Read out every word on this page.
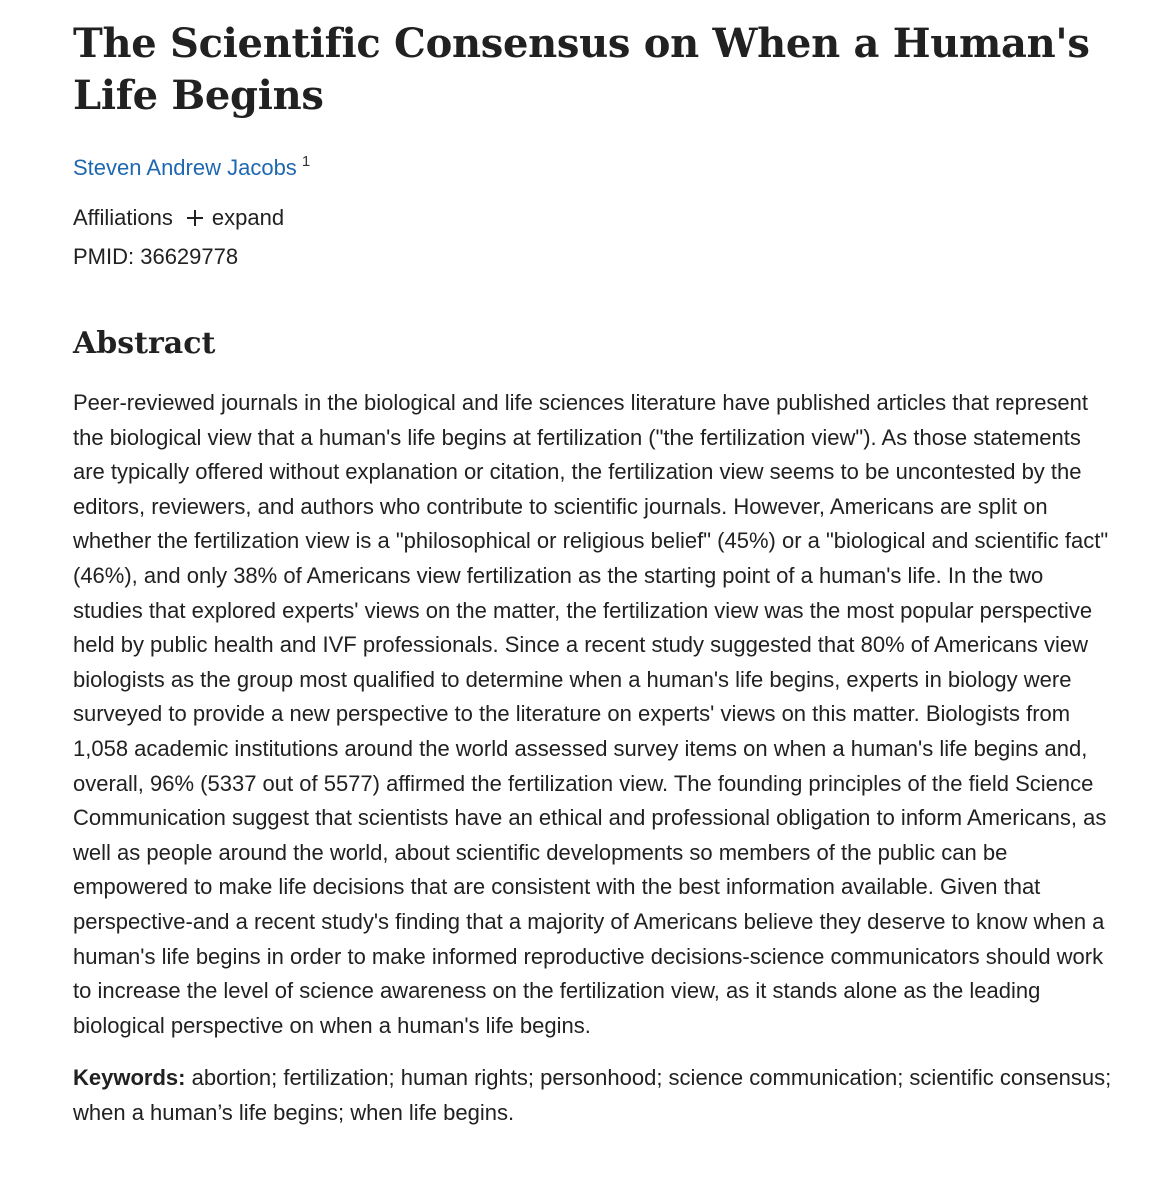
The Scientific Consensus on When a Human's Life Begins
Steven Andrew Jacobs $^1$
Affiliations expand
PMID: 36629778
Abstract
Peer-reviewed journals in the biological and life sciences literature have published articles that represent the biological view that a human's life begins at fertilization ("the fertilization view"). As those statements are typically offered without explanation or citation, the fertilization view seems to be uncontested by the editors, reviewers, and authors who contribute to scientific journals. However, Americans are split on whether the fertilization view is a "philosophical or religious belief" (45%) or a "biological and scientific fact" (46%), and only 38% of Americans view fertilization as the starting point of a human's life. In the two studies that explored experts' views on the matter, the fertilization view was the most popular perspective held by public health and IVF professionals. Since a recent study suggested that 80% of Americans view biologists as the group most qualified to determine when a human's life begins, experts in biology were surveyed to provide a new perspective to the literature on experts' views on this matter. Biologists from 1,058 academic institutions around the world assessed survey items on when a human's life begins and, overall, 96% (5337 out of 5577) affirmed the fertilization view. The founding principles of the field Science Communication suggest that scientists have an ethical and professional obligation to inform Americans, as well as people around the world, about scientific developments so members of the public can be empowered to make life decisions that are consistent with the best information available. Given that perspective-and a recent study's finding that a majority of Americans believe they deserve to know when a human's life begins in order to make informed reproductive decisions-science communicators should work to increase the level of science awareness on the fertilization view, as it stands alone as the leading biological perspective on when a human's life begins.
Keywords: abortion; fertilization; human rights; personhood; science communication; scientific consensus; when a human’s life begins; when life begins.
